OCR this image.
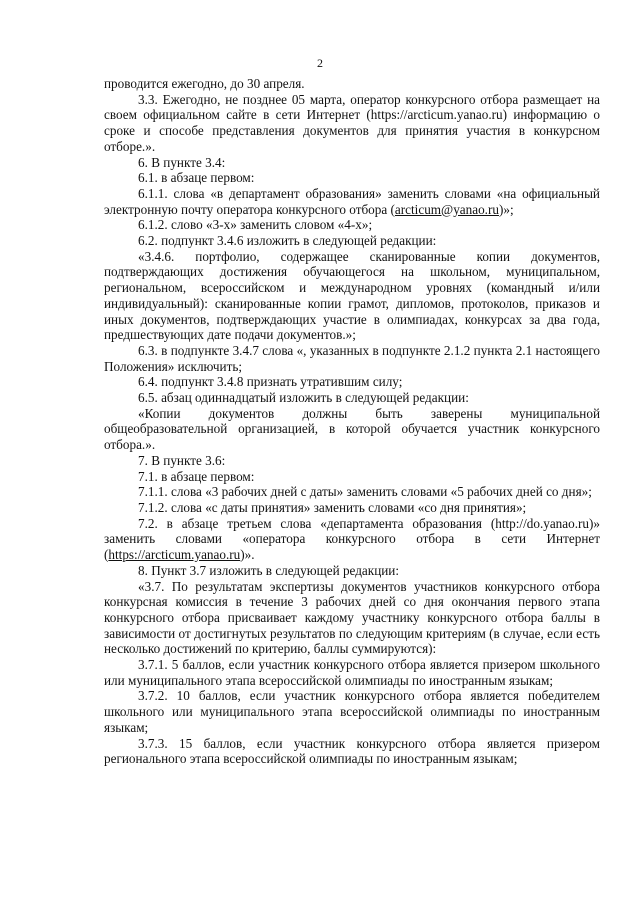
2

проводится ежегодно, до 30 апреля.

3.3. Ежегодно, не позднее 05 марта, оператор конкурсного отбора размещает на своем официальном сайте в сети Интернет (https://arcticum.yanao.ru) информацию о сроке и способе представления документов для принятия участия в конкурсном отборе.».

6. В пункте 3.4:

6.1. в абзаце первом:

6.1.1. слова «в департамент образования» заменить словами «на официальный электронную почту оператора конкурсного отбора (arcticum@yanao.ru)»;

6.1.2. слово «3-х» заменить словом «4-х»;

6.2. подпункт 3.4.6 изложить в следующей редакции:

«3.4.6. портфолио, содержащее сканированные копии документов, подтверждающих достижения обучающегося на школьном, муниципальном, региональном, всероссийском и международном уровнях (командный и/или индивидуальный): сканированные копии грамот, дипломов, протоколов, приказов и иных документов, подтверждающих участие в олимпиадах, конкурсах за два года, предшествующих дате подачи документов.»;

6.3. в подпункте 3.4.7 слова «, указанных в подпункте 2.1.2 пункта 2.1 настоящего Положения» исключить;

6.4. подпункт 3.4.8 признать утратившим силу;

6.5. абзац одиннадцатый изложить в следующей редакции:

«Копии документов должны быть заверены муниципальной общеобразовательной организацией, в которой обучается участник конкурсного отбора.».

7. В пункте 3.6:

7.1. в абзаце первом:

7.1.1. слова «3 рабочих дней с даты» заменить словами «5 рабочих дней со дня»;

7.1.2. слова «с даты принятия» заменить словами «со дня принятия»;

7.2. в абзаце третьем слова «департамента образования (http://do.yanao.ru)» заменить словами «оператора конкурсного отбора в сети Интернет (https://arcticum.yanao.ru)».

8. Пункт 3.7 изложить в следующей редакции:

«3.7. По результатам экспертизы документов участников конкурсного отбора конкурсная комиссия в течение 3 рабочих дней со дня окончания первого этапа конкурсного отбора присваивает каждому участнику конкурсного отбора баллы в зависимости от достигнутых результатов по следующим критериям (в случае, если есть несколько достижений по критерию, баллы суммируются):

3.7.1. 5 баллов, если участник конкурсного отбора является призером школьного или муниципального этапа всероссийской олимпиады по иностранным языкам;

3.7.2. 10 баллов, если участник конкурсного отбора является победителем школьного или муниципального этапа всероссийской олимпиады по иностранным языкам;

3.7.3. 15 баллов, если участник конкурсного отбора является призером регионального этапа всероссийской олимпиады по иностранным языкам;
